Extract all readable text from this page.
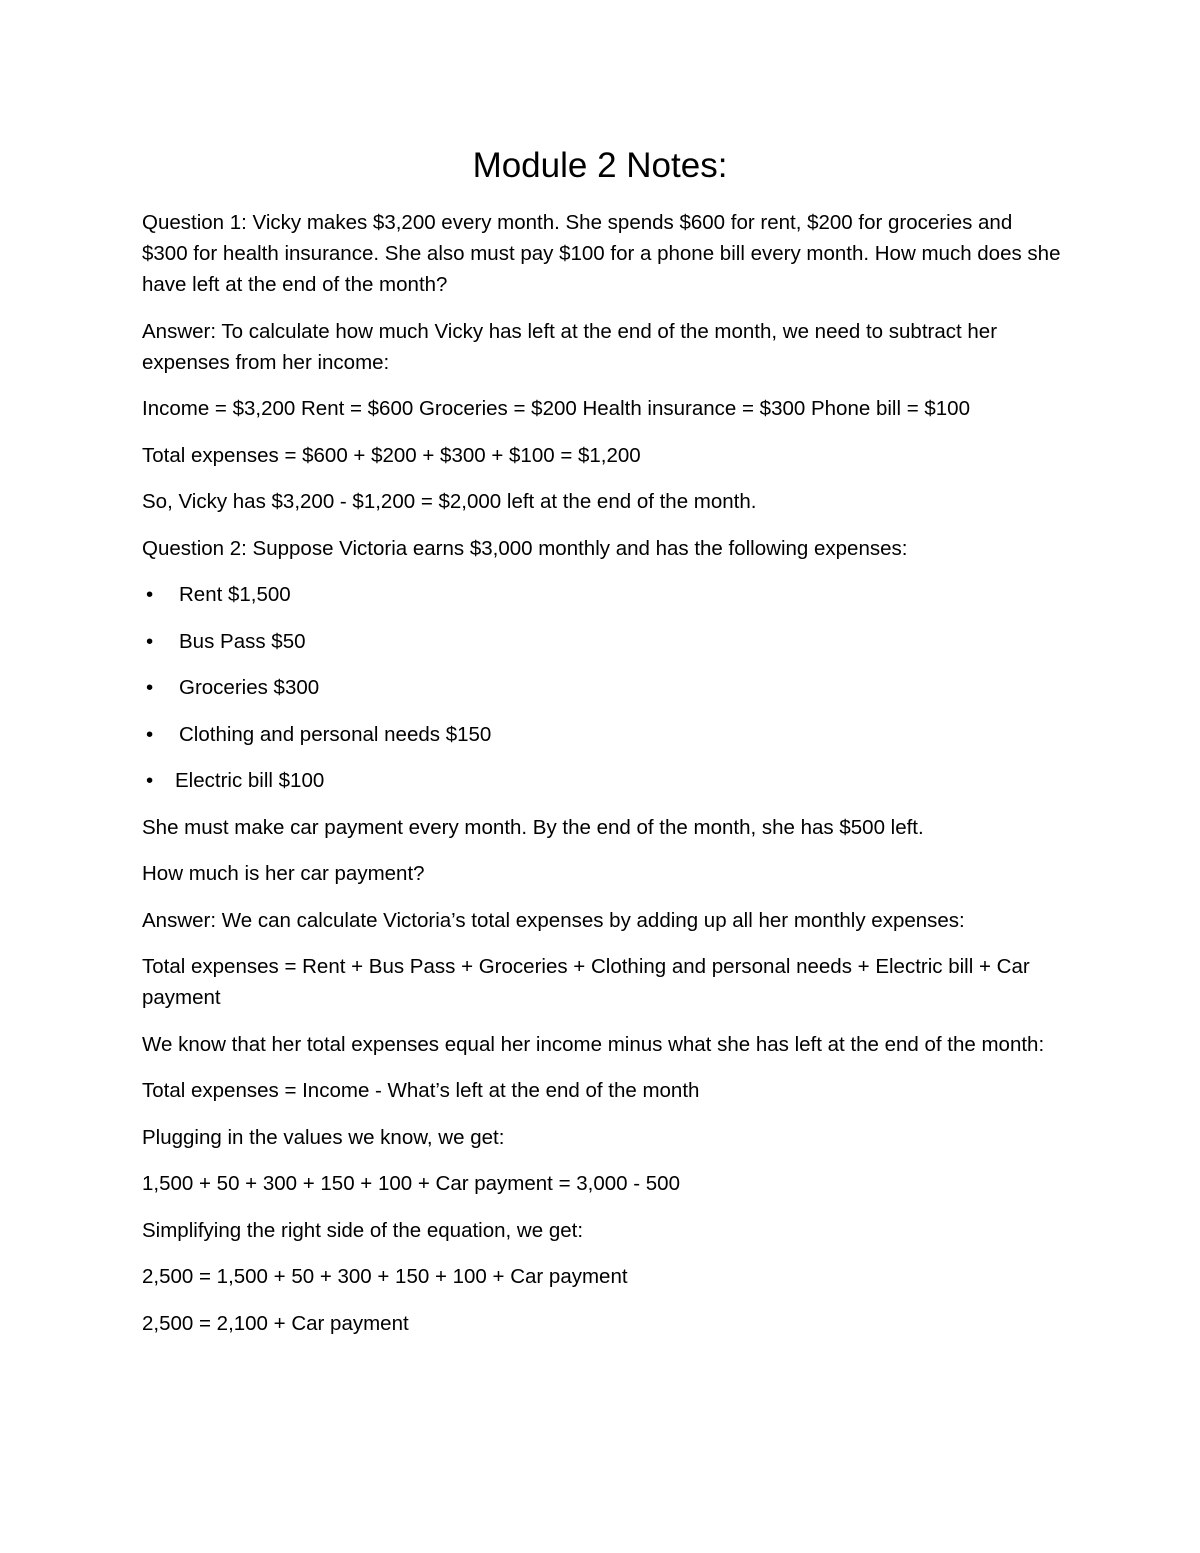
Module 2 Notes:

Question 1: Vicky makes $3,200 every month. She spends $600 for rent, $200 for groceries and $300 for health insurance. She also must pay $100 for a phone bill every month. How much does she have left at the end of the month?

Answer: To calculate how much Vicky has left at the end of the month, we need to subtract her expenses from her income:

Income = $3,200 Rent = $600 Groceries = $200 Health insurance = $300 Phone bill = $100

Total expenses = $600 + $200 + $300 + $100 = $1,200

So, Vicky has $3,200 - $1,200 = $2,000 left at the end of the month.

Question 2: Suppose Victoria earns $3,000 monthly and has the following expenses:

• Rent $1,500
• Bus Pass $50
• Groceries $300
• Clothing and personal needs $150
• Electric bill $100

She must make car payment every month. By the end of the month, she has $500 left.

How much is her car payment?

Answer: We can calculate Victoria’s total expenses by adding up all her monthly expenses:

Total expenses = Rent + Bus Pass + Groceries + Clothing and personal needs + Electric bill + Car payment

We know that her total expenses equal her income minus what she has left at the end of the month:

Total expenses = Income - What’s left at the end of the month

Plugging in the values we know, we get:

1,500 + 50 + 300 + 150 + 100 + Car payment = 3,000 - 500

Simplifying the right side of the equation, we get:

2,500 = 1,500 + 50 + 300 + 150 + 100 + Car payment

2,500 = 2,100 + Car payment
